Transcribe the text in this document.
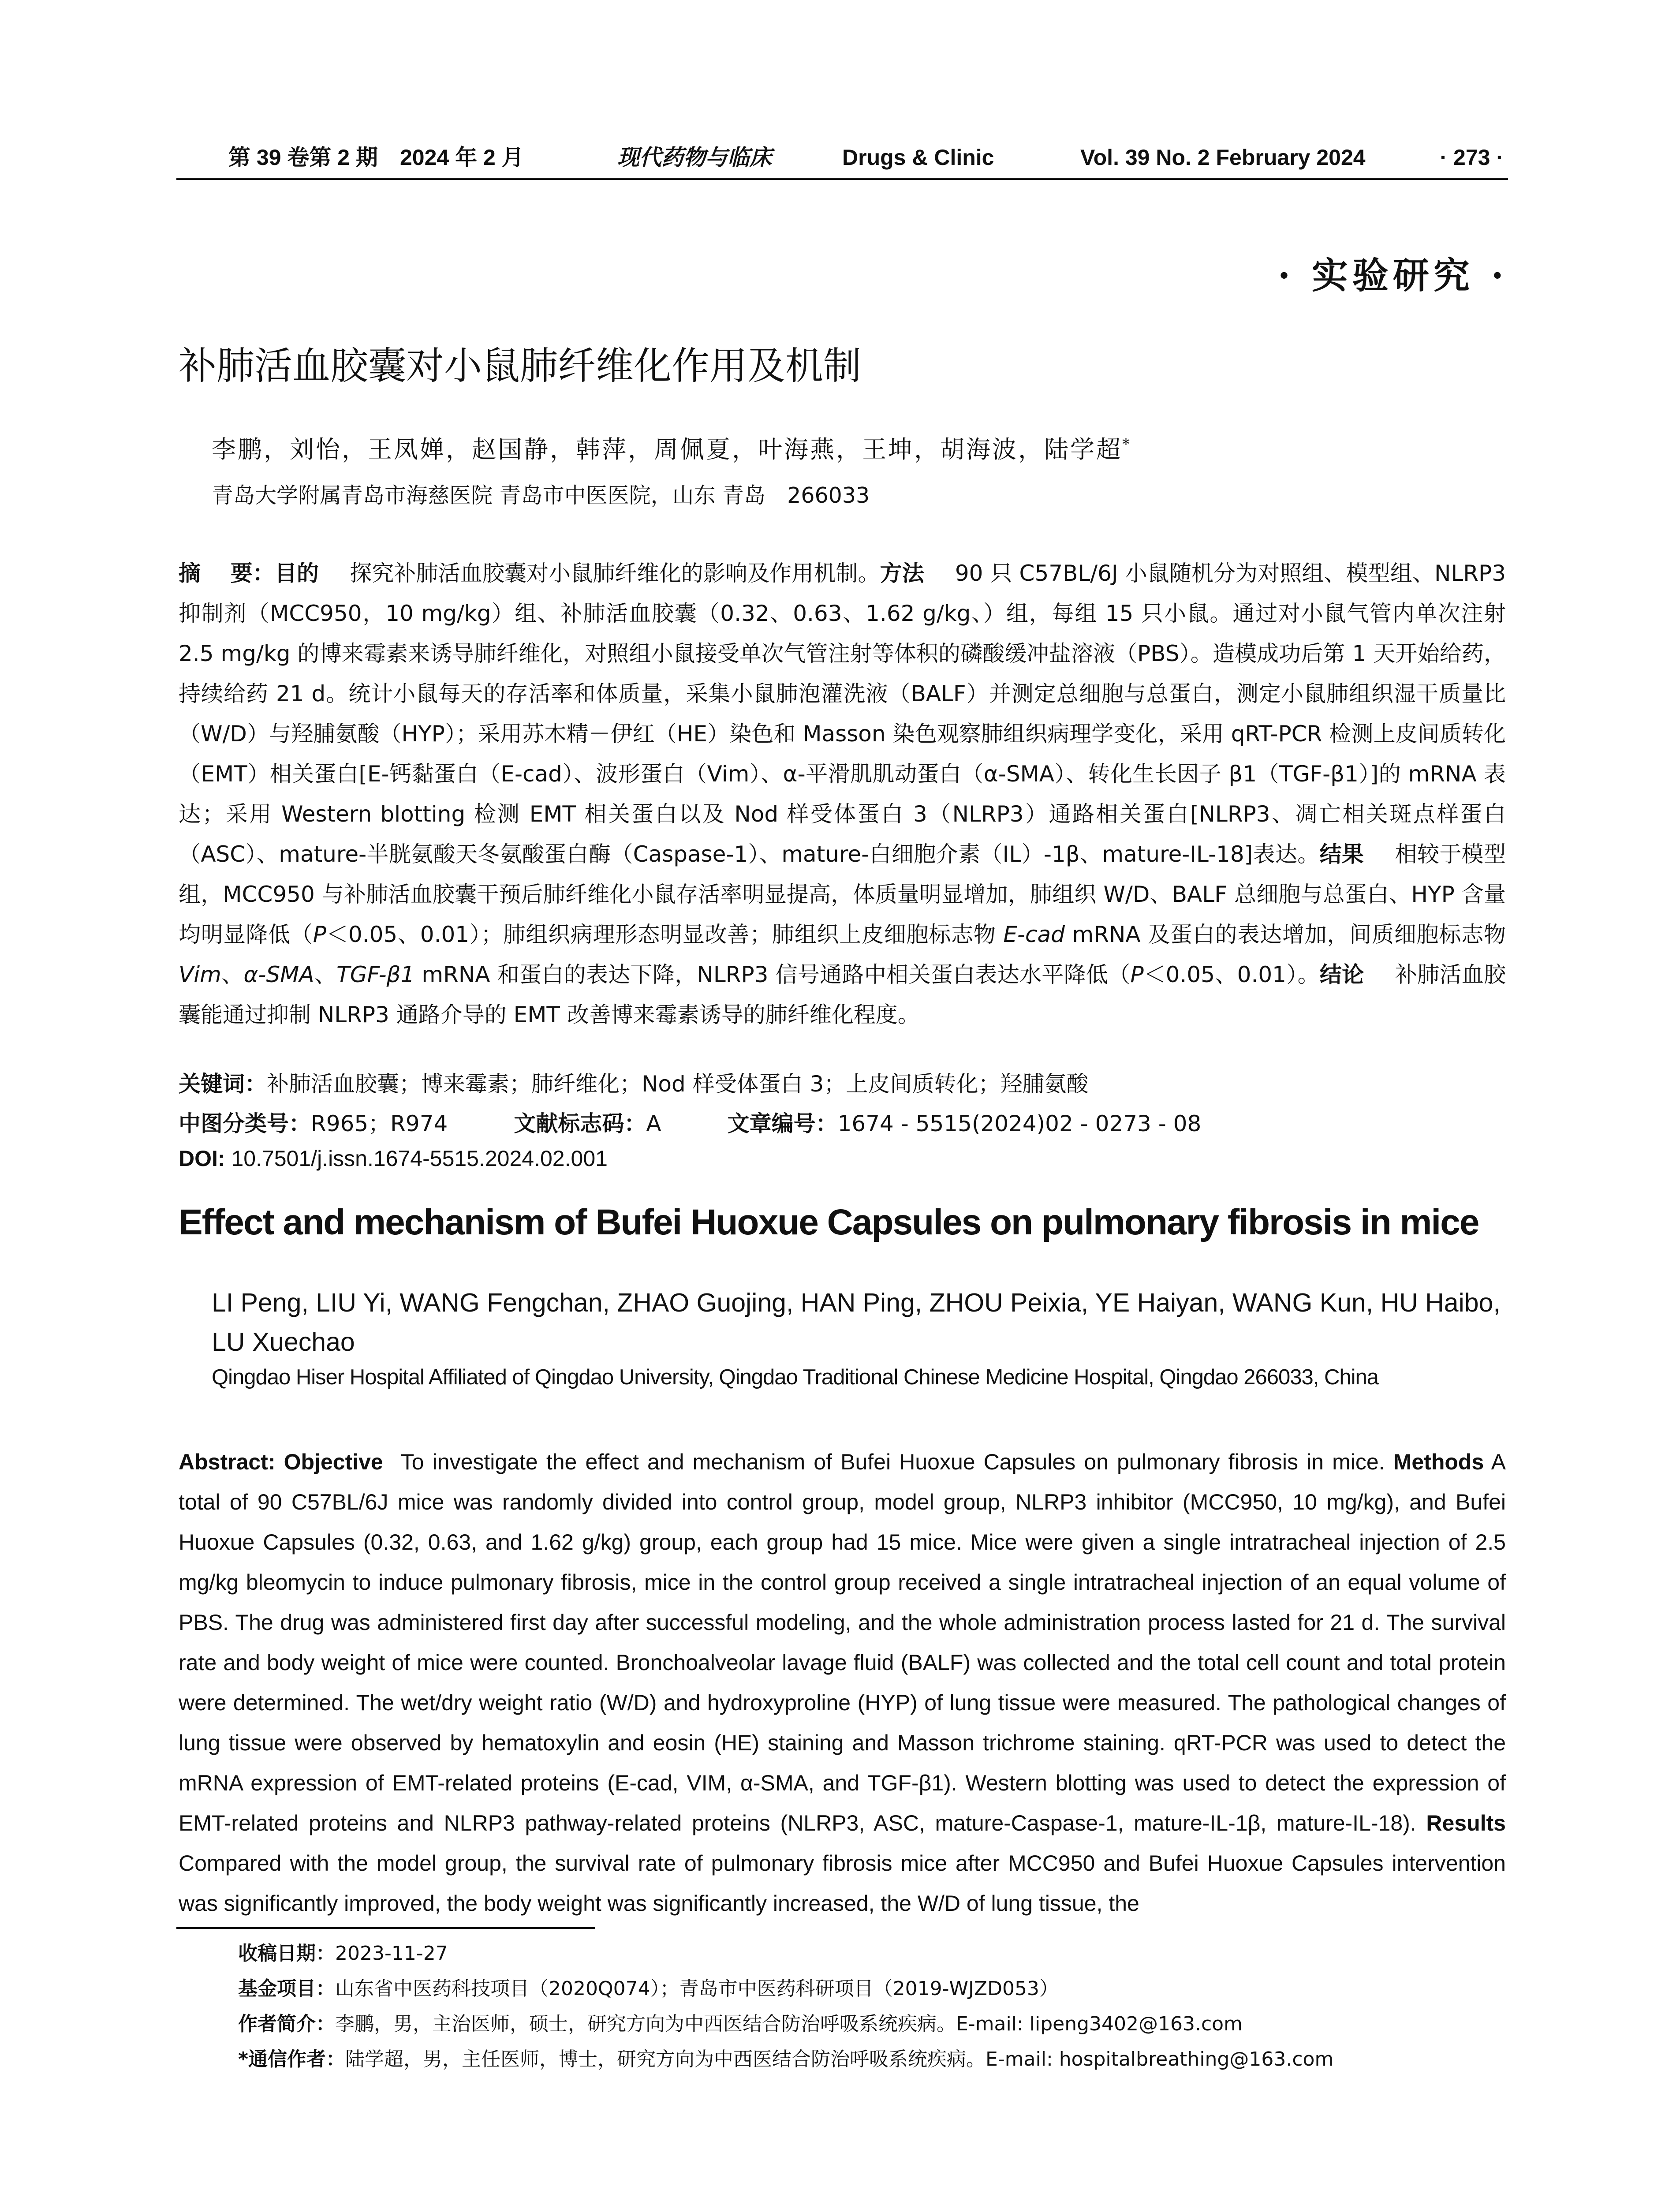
第 39 卷第 2 期　2024 年 2 月	现代药物与临床	Drugs & Clinic	Vol. 39 No. 2 February 2024	· 273 ·
· 实验研究 ·
补肺活血胶囊对小鼠肺纤维化作用及机制
李鹏，刘怡，王凤婵，赵国静，韩萍，周佩夏，叶海燕，王坤，胡海波，陆学超*
青岛大学附属青岛市海慈医院 青岛市中医医院，山东 青岛　266033
摘　 要：目的 探究补肺活血胶囊对小鼠肺纤维化的影响及作用机制。方法 90 只 C57BL/6J 小鼠随机分为对照组、模型组、NLRP3 抑制剂（MCC950，10 mg/kg）组、补肺活血胶囊（0.32、0.63、1.62 g/kg、）组，每组 15 只小鼠。通过对小鼠气管内单次注射 2.5 mg/kg 的博来霉素来诱导肺纤维化，对照组小鼠接受单次气管注射等体积的磷酸缓冲盐溶液（PBS）。造模成功后第 1 天开始给药，持续给药 21 d。统计小鼠每天的存活率和体质量，采集小鼠肺泡灌洗液（BALF）并测定总细胞与总蛋白，测定小鼠肺组织湿干质量比（W/D）与羟脯氨酸（HYP）；采用苏木精－伊红（HE）染色和 Masson 染色观察肺组织病理学变化，采用 qRT-PCR 检测上皮间质转化（EMT）相关蛋白[E-钙黏蛋白（E-cad）、波形蛋白（Vim）、α-平滑肌肌动蛋白（α-SMA）、转化生长因子 β1（TGF-β1）]的 mRNA 表达；采用 Western blotting 检测 EMT 相关蛋白以及 Nod 样受体蛋白 3（NLRP3）通路相关蛋白[NLRP3、凋亡相关斑点样蛋白（ASC）、mature-半胱氨酸天冬氨酸蛋白酶（Caspase-1）、mature-白细胞介素（IL）-1β、mature-IL-18]表达。结果 相较于模型组，MCC950 与补肺活血胶囊干预后肺纤维化小鼠存活率明显提高，体质量明显增加，肺组织 W/D、BALF 总细胞与总蛋白、HYP 含量均明显降低（P＜0.05、0.01）；肺组织病理形态明显改善；肺组织上皮细胞标志物 E-cad mRNA 及蛋白的表达增加，间质细胞标志物 Vim、α-SMA、TGF-β1 mRNA 和蛋白的表达下降，NLRP3 信号通路中相关蛋白表达水平降低（P＜0.05、0.01）。结论 补肺活血胶囊能通过抑制 NLRP3 通路介导的 EMT 改善博来霉素诱导的肺纤维化程度。
关键词：补肺活血胶囊；博来霉素；肺纤维化；Nod 样受体蛋白 3；上皮间质转化；羟脯氨酸
中图分类号：R965；R974	文献标志码：A	文章编号：1674 - 5515(2024)02 - 0273 - 08
DOI: 10.7501/j.issn.1674-5515.2024.02.001
Effect and mechanism of Bufei Huoxue Capsules on pulmonary fibrosis in mice
LI Peng, LIU Yi, WANG Fengchan, ZHAO Guojing, HAN Ping, ZHOU Peixia, YE Haiyan, WANG Kun, HU Haibo, LU Xuechao
Qingdao Hiser Hospital Affiliated of Qingdao University, Qingdao Traditional Chinese Medicine Hospital, Qingdao 266033, China
Abstract: Objective To investigate the effect and mechanism of Bufei Huoxue Capsules on pulmonary fibrosis in mice. Methods A total of 90 C57BL/6J mice was randomly divided into control group, model group, NLRP3 inhibitor (MCC950, 10 mg/kg), and Bufei Huoxue Capsules (0.32, 0.63, and 1.62 g/kg) group, each group had 15 mice. Mice were given a single intratracheal injection of 2.5 mg/kg bleomycin to induce pulmonary fibrosis, mice in the control group received a single intratracheal injection of an equal volume of PBS. The drug was administered first day after successful modeling, and the whole administration process lasted for 21 d. The survival rate and body weight of mice were counted. Bronchoalveolar lavage fluid (BALF) was collected and the total cell count and total protein were determined. The wet/dry weight ratio (W/D) and hydroxyproline (HYP) of lung tissue were measured. The pathological changes of lung tissue were observed by hematoxylin and eosin (HE) staining and Masson trichrome staining. qRT-PCR was used to detect the mRNA expression of EMT-related proteins (E-cad, VIM, α-SMA, and TGF-β1). Western blotting was used to detect the expression of EMT-related proteins and NLRP3 pathway-related proteins (NLRP3, ASC, mature-Caspase-1, mature-IL-1β, mature-IL-18). Results Compared with the model group, the survival rate of pulmonary fibrosis mice after MCC950 and Bufei Huoxue Capsules intervention was significantly improved, the body weight was significantly increased, the W/D of lung tissue, the
收稿日期：2023-11-27
基金项目：山东省中医药科技项目（2020Q074）；青岛市中医药科研项目（2019-WJZD053）
作者简介：李鹏，男，主治医师，硕士，研究方向为中西医结合防治呼吸系统疾病。E-mail: lipeng3402@163.com
*通信作者：陆学超，男，主任医师，博士，研究方向为中西医结合防治呼吸系统疾病。E-mail: hospitalbreathing@163.com
